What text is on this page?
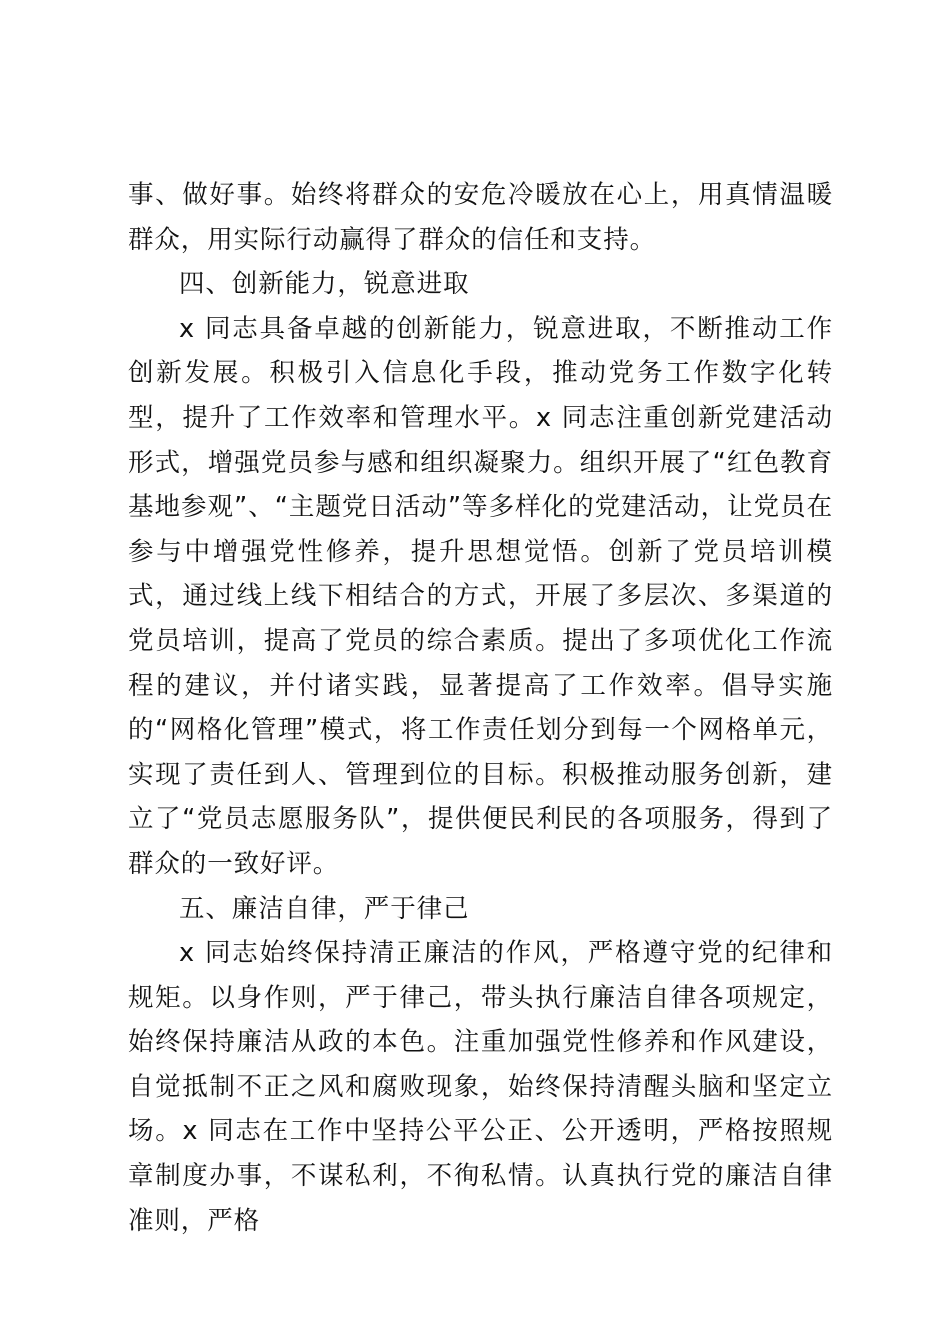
事、做好事。始终将群众的安危冷暖放在心上，用真情温暖群众，用实际行动赢得了群众的信任和支持。

四、创新能力，锐意进取

x 同志具备卓越的创新能力，锐意进取，不断推动工作创新发展。积极引入信息化手段，推动党务工作数字化转型，提升了工作效率和管理水平。x 同志注重创新党建活动形式，增强党员参与感和组织凝聚力。组织开展了“红色教育基地参观”、“主题党日活动”等多样化的党建活动，让党员在参与中增强党性修养，提升思想觉悟。创新了党员培训模式，通过线上线下相结合的方式，开展了多层次、多渠道的党员培训，提高了党员的综合素质。提出了多项优化工作流程的建议，并付诸实践，显著提高了工作效率。倡导实施的“网格化管理”模式，将工作责任划分到每一个网格单元，实现了责任到人、管理到位的目标。积极推动服务创新，建立了“党员志愿服务队”，提供便民利民的各项服务，得到了群众的一致好评。

五、廉洁自律，严于律己

x 同志始终保持清正廉洁的作风，严格遵守党的纪律和规矩。以身作则，严于律己，带头执行廉洁自律各项规定，始终保持廉洁从政的本色。注重加强党性修养和作风建设，自觉抵制不正之风和腐败现象，始终保持清醒头脑和坚定立场。x 同志在工作中坚持公平公正、公开透明，严格按照规章制度办事，不谋私利，不徇私情。认真执行党的廉洁自律准则，严格
